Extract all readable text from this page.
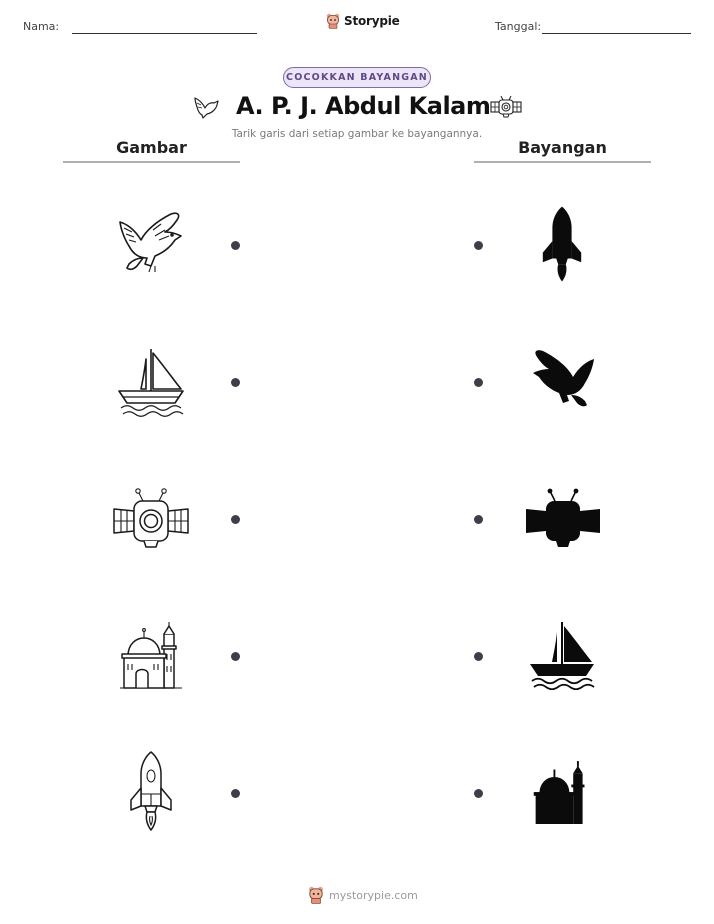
Nama:	Storypie	Tanggal:
COCOKKAN BAYANGAN
A. P. J. Abdul Kalam
Tarik garis dari setiap gambar ke bayangannya.
Gambar	Bayangan
mystorypie.com
